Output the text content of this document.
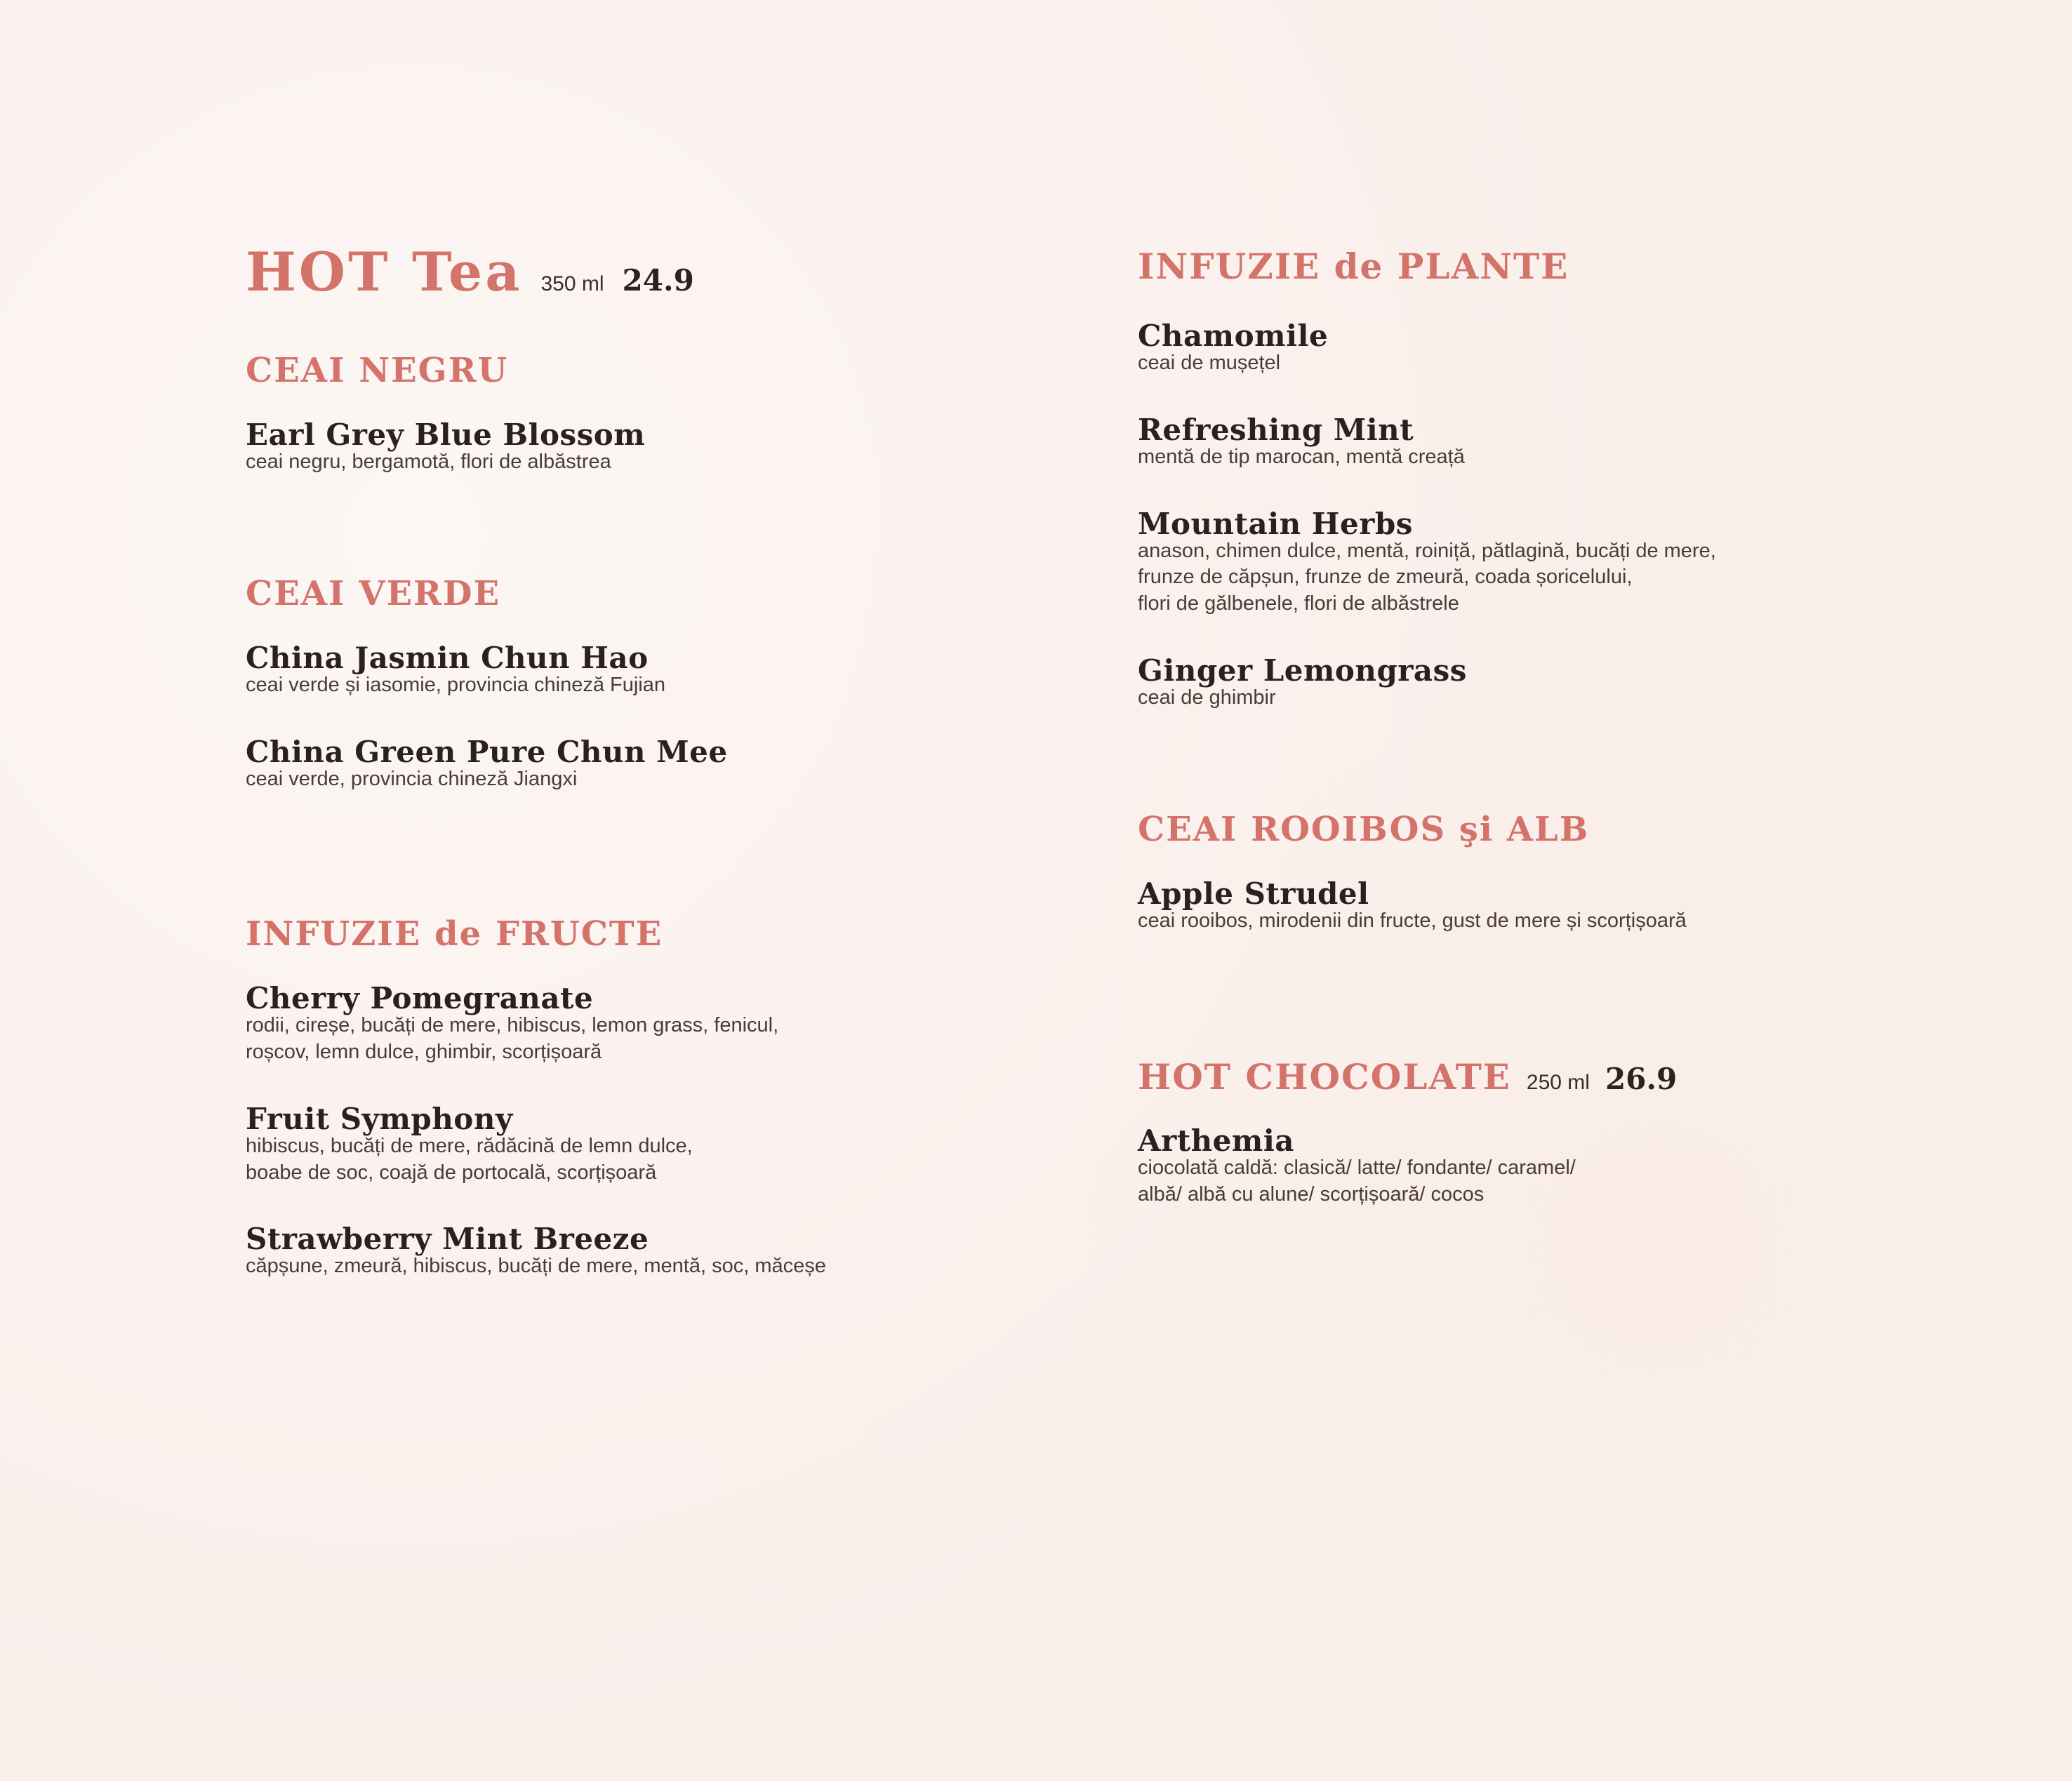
HOT Tea 350 ml 24.9
CEAI NEGRU
Earl Grey Blue Blossom
ceai negru, bergamotă, flori de albăstrea
CEAI VERDE
China Jasmin Chun Hao
ceai verde și iasomie, provincia chineză Fujian
China Green Pure Chun Mee
ceai verde, provincia chineză Jiangxi
INFUZIE de FRUCTE
Cherry Pomegranate
rodii, cireșe, bucăți de mere, hibiscus, lemon grass, fenicul,
roșcov, lemn dulce, ghimbir, scorțișoară
Fruit Symphony
hibiscus, bucăți de mere, rădăcină de lemn dulce,
boabe de soc, coajă de portocală, scorțișoară
Strawberry Mint Breeze
căpșune, zmeură, hibiscus, bucăți de mere, mentă, soc, măceșe
INFUZIE de PLANTE
Chamomile
ceai de mușețel
Refreshing Mint
mentă de tip marocan, mentă creață
Mountain Herbs
anason, chimen dulce, mentă, roiniță, pătlagină, bucăți de mere,
frunze de căpșun, frunze de zmeură, coada șoricelului,
flori de gălbenele, flori de albăstrele
Ginger Lemongrass
ceai de ghimbir
CEAI ROOIBOS şi ALB
Apple Strudel
ceai rooibos, mirodenii din fructe, gust de mere și scorțișoară
HOT CHOCOLATE 250 ml 26.9
Arthemia
ciocolată caldă: clasică/ latte/ fondante/ caramel/
albă/ albă cu alune/ scorțișoară/ cocos
